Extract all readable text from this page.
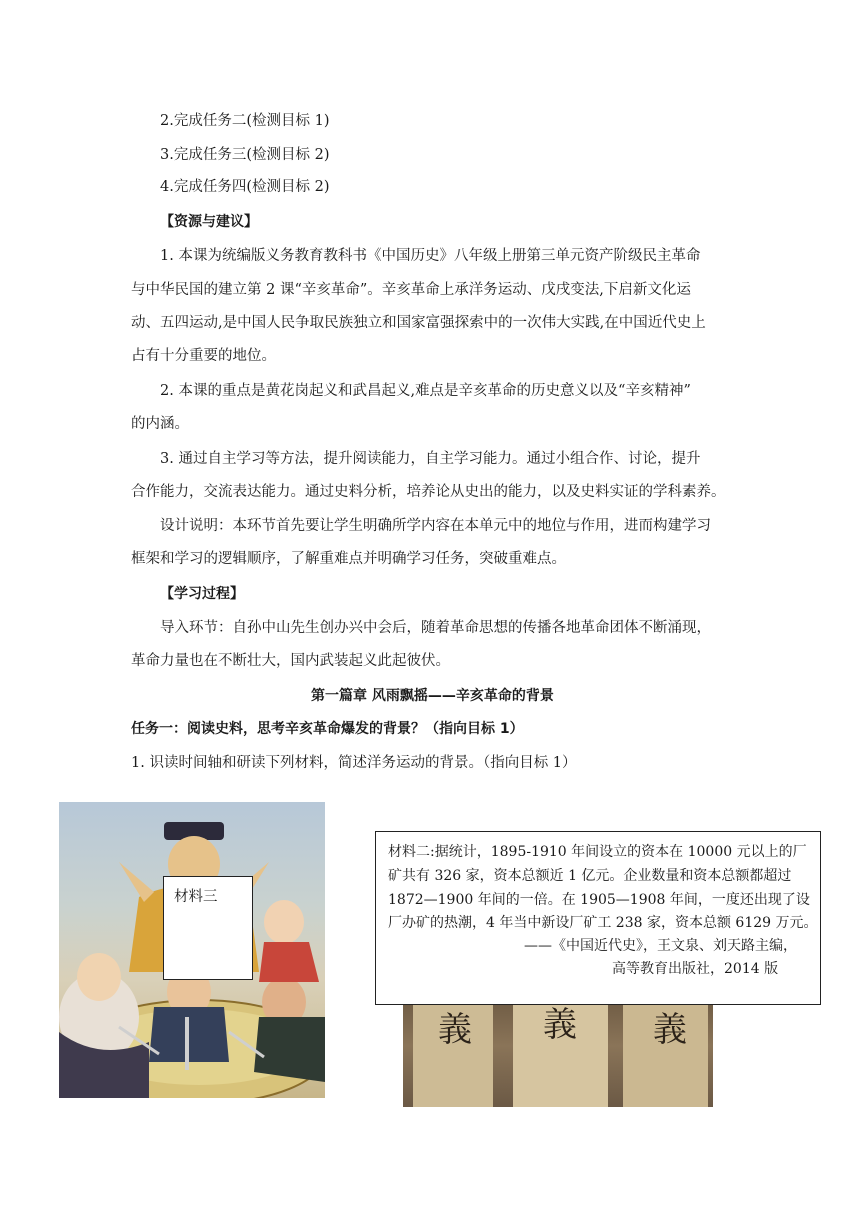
2.完成任务二(检测目标 1)
3.完成任务三(检测目标 2)
4.完成任务四(检测目标 2)
【资源与建议】
1. 本课为统编版义务教育教科书《中国历史》八年级上册第三单元资产阶级民主革命
与中华民国的建立第 2 课“辛亥革命”。辛亥革命上承洋务运动、戊戌变法,下启新文化运
动、五四运动,是中国人民争取民族独立和国家富强探索中的一次伟大实践,在中国近代史上
占有十分重要的地位。
2. 本课的重点是黄花岗起义和武昌起义,难点是辛亥革命的历史意义以及“辛亥精神”
的内涵。
3. 通过自主学习等方法，提升阅读能力，自主学习能力。通过小组合作、讨论，提升
合作能力，交流表达能力。通过史料分析，培养论从史出的能力，以及史料实证的学科素养。
设计说明：本环节首先要让学生明确所学内容在本单元中的地位与作用，进而构建学习
框架和学习的逻辑顺序，了解重难点并明确学习任务，突破重难点。
【学习过程】
导入环节：自孙中山先生创办兴中会后，随着革命思想的传播各地革命团体不断涌现，
革命力量也在不断壮大，国内武装起义此起彼伏。
第一篇章 风雨飘摇——辛亥革命的背景
任务一：阅读史料，思考辛亥革命爆发的背景？（指向目标 1）
1. 识读时间轴和研读下列材料，简述洋务运动的背景。（指向目标 1）
材料三
義 義 義
材料二:据统计，1895-1910 年间设立的资本在 10000 元以上的厂
矿共有 326 家，资本总额近 1 亿元。企业数量和资本总额都超过
1872—1900 年间的一倍。在 1905—1908 年间，一度还出现了设
厂办矿的热潮，4 年当中新设厂矿工 238 家，资本总额 6129 万元。
——《中国近代史》，王文泉、刘天路主编，
高等教育出版社，2014 版
